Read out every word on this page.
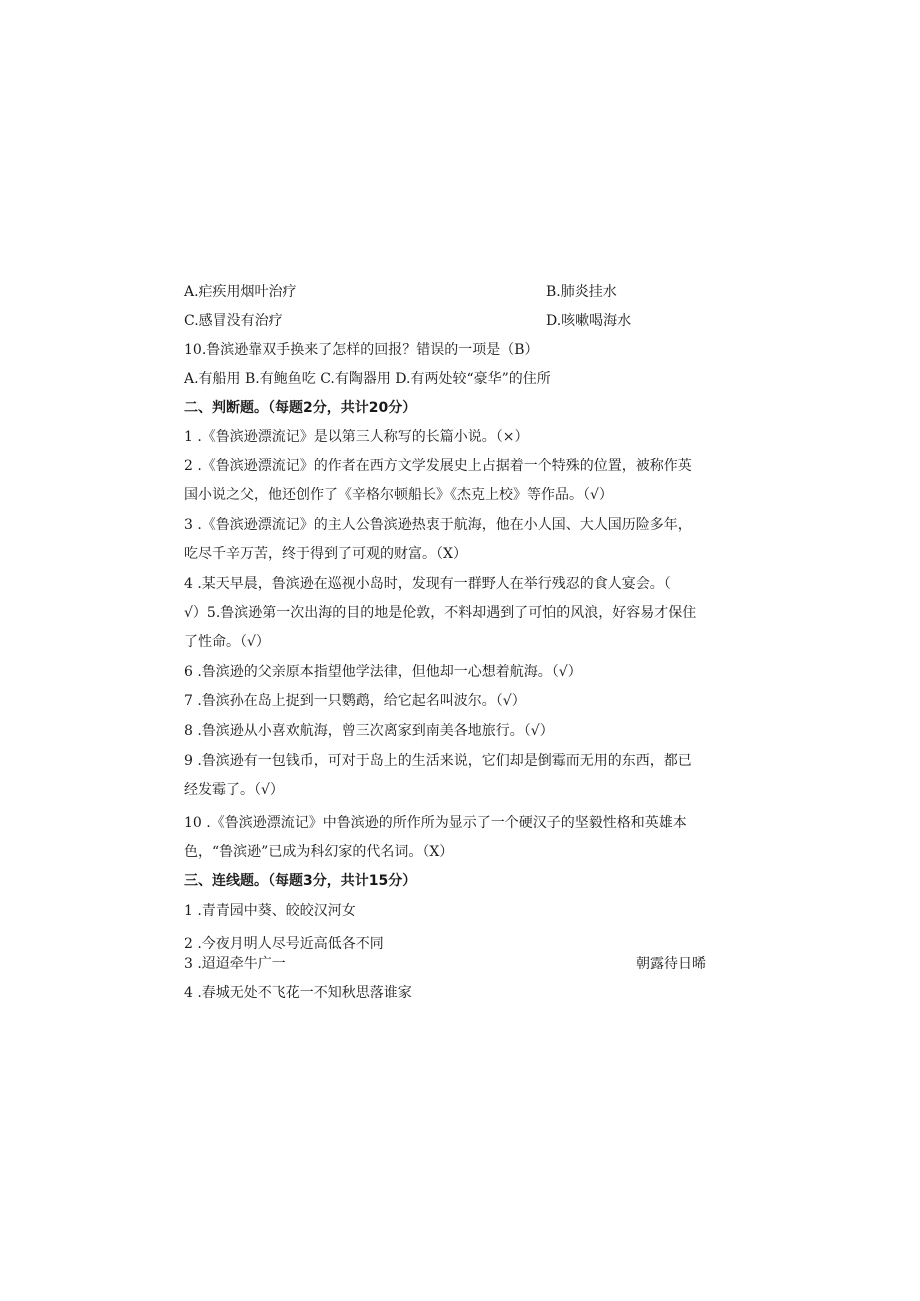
A.疟疾用烟叶治疗	B.肺炎挂水
C.感冒没有治疗	D.咳嗽喝海水
10.鲁滨逊靠双手换来了怎样的回报？错误的一项是（B）
A.有船用 B.有鲍鱼吃 C.有陶器用 D.有两处较“豪华”的住所
二、判断题。（每题2分，共计20分）
1 .《鲁滨逊漂流记》是以第三人称写的长篇小说。（×）
2 .《鲁滨逊漂流记》的作者在西方文学发展史上占据着一个特殊的位置，被称作英
国小说之父，他还创作了《辛格尔顿船长》《杰克上校》等作品。（√）
3 .《鲁滨逊漂流记》的主人公鲁滨逊热衷于航海，他在小人国、大人国历险多年，
吃尽千辛万苦，终于得到了可观的财富。（X）
4 .某天早晨，鲁滨逊在巡视小岛时，发现有一群野人在举行残忍的食人宴会。（
√）5.鲁滨逊第一次出海的目的地是伦敦，不料却遇到了可怕的风浪，好容易才保住
了性命。（√）
6 .鲁滨逊的父亲原本指望他学法律，但他却一心想着航海。（√）
7 .鲁滨孙在岛上捉到一只鹦鹉，给它起名叫波尔。（√）
8 .鲁滨逊从小喜欢航海，曾三次离家到南美各地旅行。（√）
9 .鲁滨逊有一包钱币，可对于岛上的生活来说，它们却是倒霉而无用的东西，都已
经发霉了。（√）
10 .《鲁滨逊漂流记》中鲁滨逊的所作所为显示了一个硬汉子的坚毅性格和英雄本
色，“鲁滨逊”已成为科幻家的代名词。（X）
三、连线题。（每题3分，共计15分）
1 .青青园中葵、皎皎汉河女
2 .今夜月明人尽号近高低各不同
3 .迢迢牵牛广一	朝露待日晞
4 .春城无处不飞花一不知秋思落谁家
